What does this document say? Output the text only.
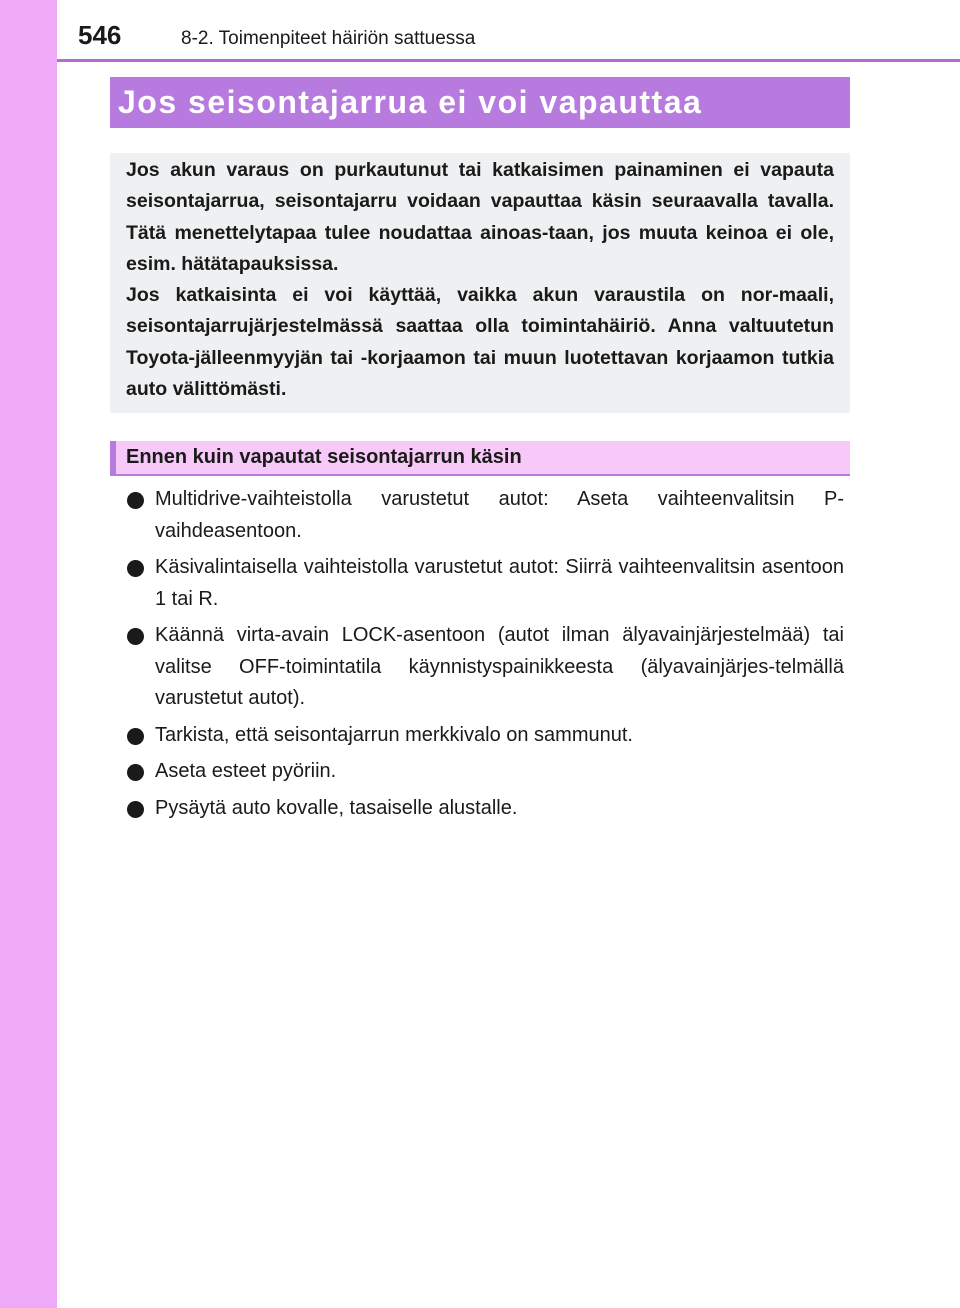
546	8-2. Toimenpiteet häiriön sattuessa
Jos seisontajarrua ei voi vapauttaa

Jos akun varaus on purkautunut tai katkaisimen painaminen ei vapauta seisontajarrua, seisontajarru voidaan vapauttaa käsin seuraavalla tavalla. Tätä menettelytapaa tulee noudattaa ainoas-taan, jos muuta keinoa ei ole, esim. hätätapauksissa.

Jos katkaisinta ei voi käyttää, vaikka akun varaustila on nor-maali, seisontajarrujärjestelmässä saattaa olla toimintahäiriö. Anna valtuutetun Toyota-jälleenmyyjän tai -korjaamon tai muun luotettavan korjaamon tutkia auto välittömästi.

Ennen kuin vapautat seisontajarrun käsin
Multidrive-vaihteistolla varustetut autot: Aseta vaihteenvalitsin P-vaihdeasentoon.
Käsivalintaisella vaihteistolla varustetut autot: Siirrä vaihteenvalitsin asentoon 1 tai R.
Käännä virta-avain LOCK-asentoon (autot ilman älyavainjärjestelmää) tai valitse OFF-toimintatila käynnistyspainikkeesta (älyavainjärjes-telmällä varustetut autot).
Tarkista, että seisontajarrun merkkivalo on sammunut.
Aseta esteet pyöriin.
Pysäytä auto kovalle, tasaiselle alustalle.
